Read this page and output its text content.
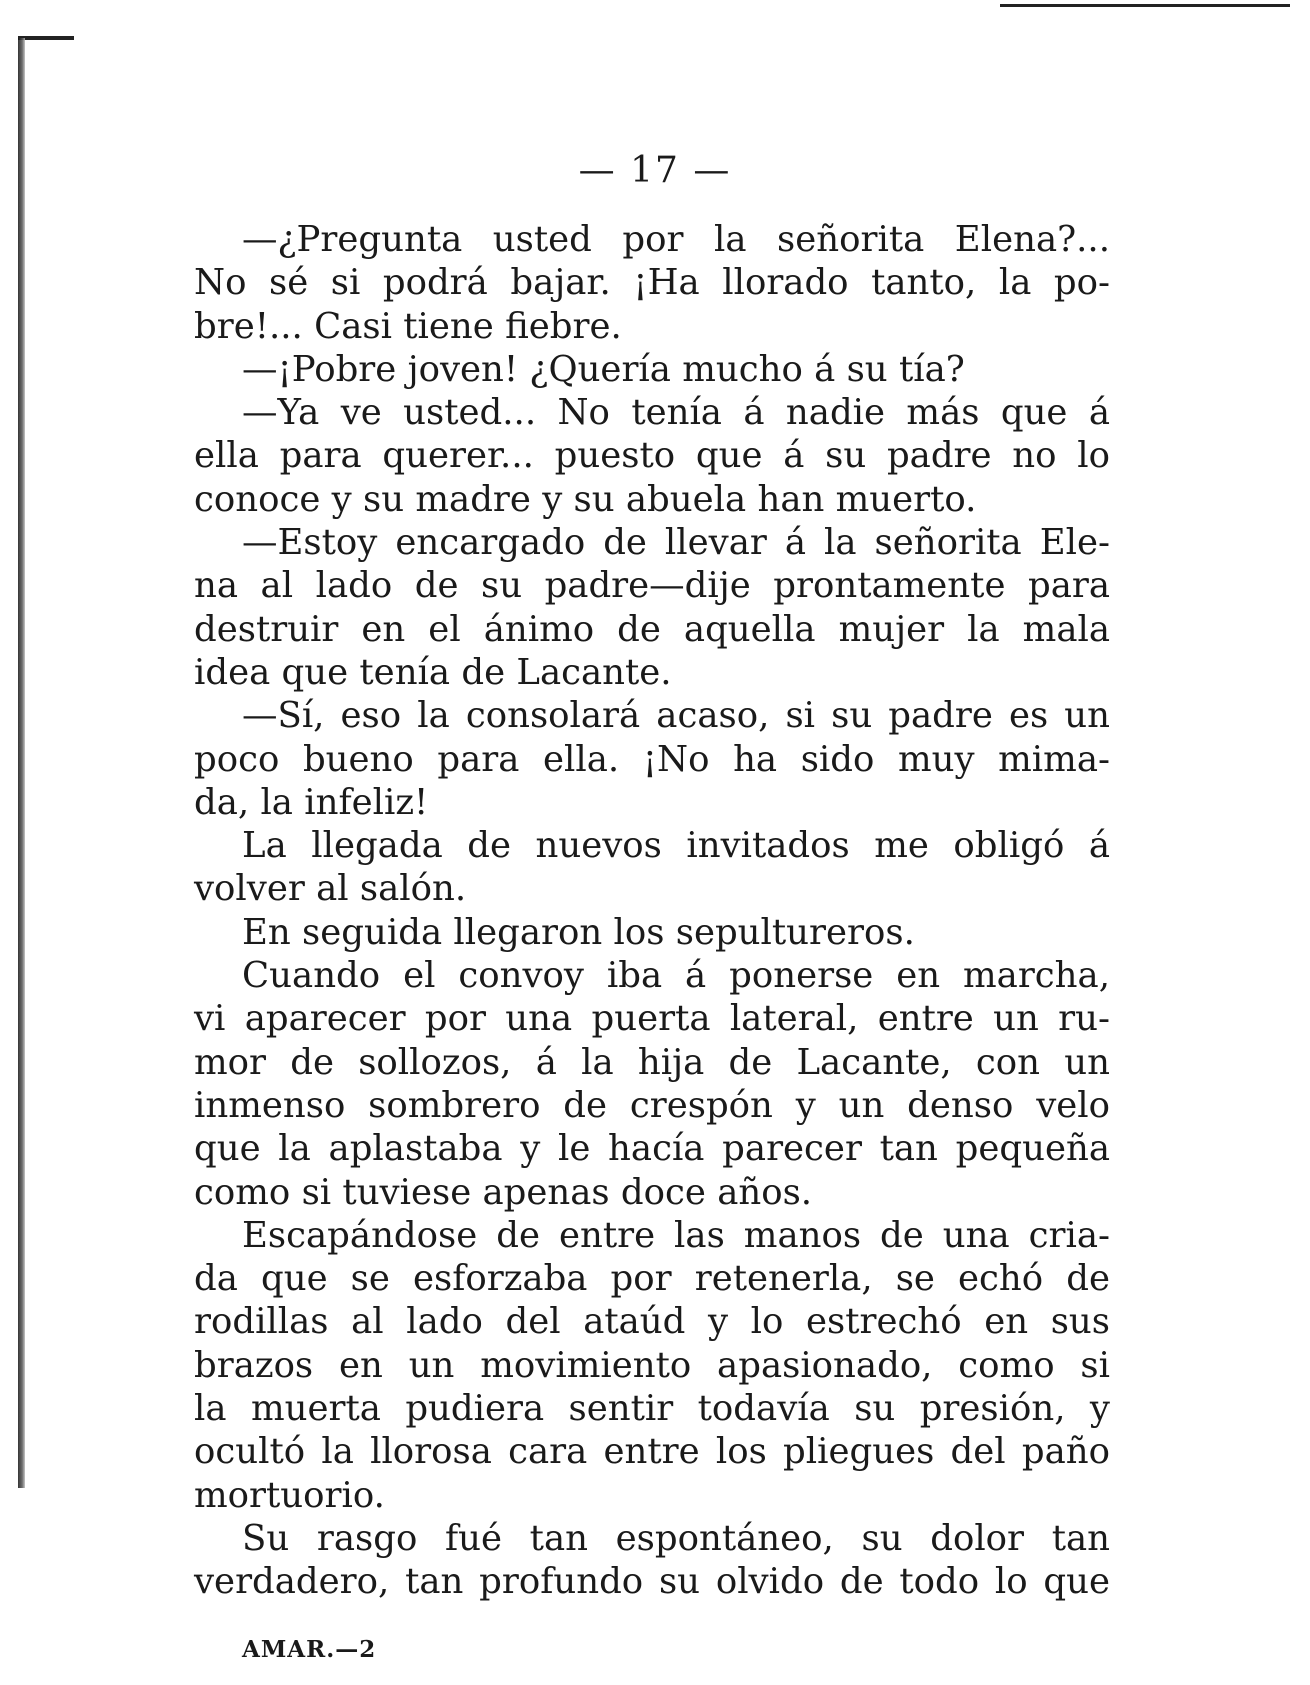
— 17 —
—¿Pregunta usted por la señorita Elena?...
No sé si podrá bajar. ¡Ha llorado tanto, la po-
bre!... Casi tiene fiebre.
—¡Pobre joven! ¿Quería mucho á su tía?
—Ya ve usted... No tenía á nadie más que á
ella para querer... puesto que á su padre no lo
conoce y su madre y su abuela han muerto.
—Estoy encargado de llevar á la señorita Ele-
na al lado de su padre—dije prontamente para
destruir en el ánimo de aquella mujer la mala
idea que tenía de Lacante.
—Sí, eso la consolará acaso, si su padre es un
poco bueno para ella. ¡No ha sido muy mima-
da, la infeliz!
La llegada de nuevos invitados me obligó á
volver al salón.
En seguida llegaron los sepultureros.
Cuando el convoy iba á ponerse en marcha,
vi aparecer por una puerta lateral, entre un ru-
mor de sollozos, á la hija de Lacante, con un
inmenso sombrero de crespón y un denso velo
que la aplastaba y le hacía parecer tan pequeña
como si tuviese apenas doce años.
Escapándose de entre las manos de una cria-
da que se esforzaba por retenerla, se echó de
rodillas al lado del ataúd y lo estrechó en sus
brazos en un movimiento apasionado, como si
la muerta pudiera sentir todavía su presión, y
ocultó la llorosa cara entre los pliegues del paño
mortuorio.
Su rasgo fué tan espontáneo, su dolor tan
verdadero, tan profundo su olvido de todo lo que
AMAR.—2
